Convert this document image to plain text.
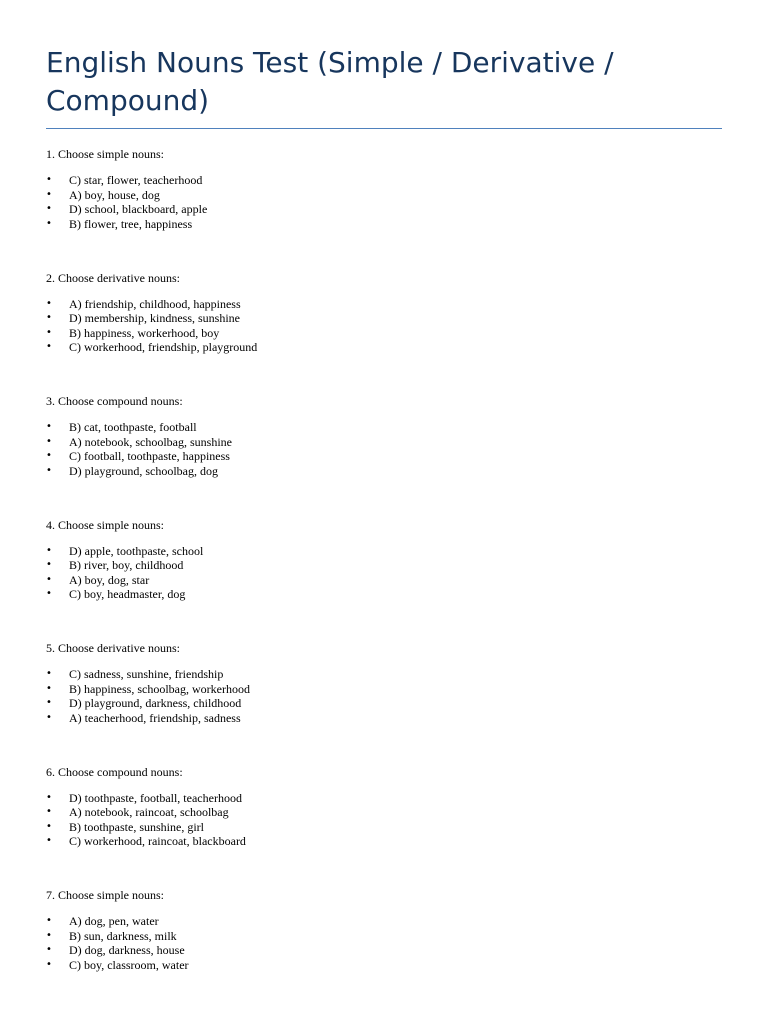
English Nouns Test (Simple / Derivative / Compound)

1. Choose simple nouns:

• C) star, flower, teacherhood
• A) boy, house, dog
• D) school, blackboard, apple
• B) flower, tree, happiness

2. Choose derivative nouns:

• A) friendship, childhood, happiness
• D) membership, kindness, sunshine
• B) happiness, workerhood, boy
• C) workerhood, friendship, playground

3. Choose compound nouns:

• B) cat, toothpaste, football
• A) notebook, schoolbag, sunshine
• C) football, toothpaste, happiness
• D) playground, schoolbag, dog

4. Choose simple nouns:

• D) apple, toothpaste, school
• B) river, boy, childhood
• A) boy, dog, star
• C) boy, headmaster, dog

5. Choose derivative nouns:

• C) sadness, sunshine, friendship
• B) happiness, schoolbag, workerhood
• D) playground, darkness, childhood
• A) teacherhood, friendship, sadness

6. Choose compound nouns:

• D) toothpaste, football, teacherhood
• A) notebook, raincoat, schoolbag
• B) toothpaste, sunshine, girl
• C) workerhood, raincoat, blackboard

7. Choose simple nouns:

• A) dog, pen, water
• B) sun, darkness, milk
• D) dog, darkness, house
• C) boy, classroom, water
